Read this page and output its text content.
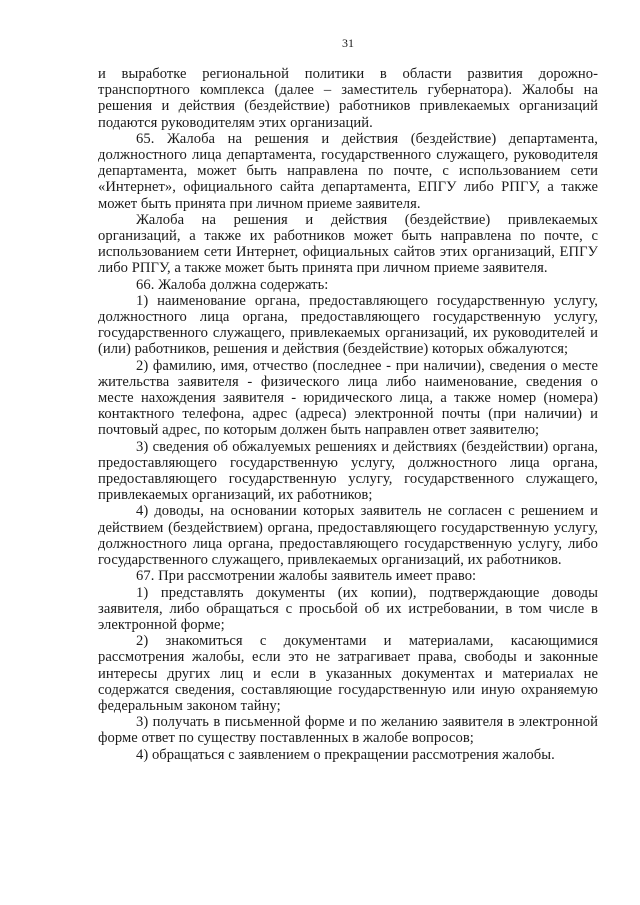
31

и выработке региональной политики в области развития дорожно-транспортного комплекса (далее – заместитель губернатора). Жалобы на решения и действия (бездействие) работников привлекаемых организаций подаются руководителям этих организаций.

65. Жалоба на решения и действия (бездействие) департамента, должностного лица департамента, государственного служащего, руководителя департамента, может быть направлена по почте, с использованием сети «Интернет», официального сайта департамента, ЕПГУ либо РПГУ, а также может быть принята при личном приеме заявителя.

Жалоба на решения и действия (бездействие) привлекаемых организаций, а также их работников может быть направлена по почте, с использованием сети Интернет, официальных сайтов этих организаций, ЕПГУ либо РПГУ, а также может быть принята при личном приеме заявителя.

66. Жалоба должна содержать:

1) наименование органа, предоставляющего государственную услугу, должностного лица органа, предоставляющего государственную услугу, государственного служащего, привлекаемых организаций, их руководителей и (или) работников, решения и действия (бездействие) которых обжалуются;

2) фамилию, имя, отчество (последнее - при наличии), сведения о месте жительства заявителя - физического лица либо наименование, сведения о месте нахождения заявителя - юридического лица, а также номер (номера) контактного телефона, адрес (адреса) электронной почты (при наличии) и почтовый адрес, по которым должен быть направлен ответ заявителю;

3) сведения об обжалуемых решениях и действиях (бездействии) органа, предоставляющего государственную услугу, должностного лица органа, предоставляющего государственную услугу, государственного служащего, привлекаемых организаций, их работников;

4) доводы, на основании которых заявитель не согласен с решением и действием (бездействием) органа, предоставляющего государственную услугу, должностного лица органа, предоставляющего государственную услугу, либо государственного служащего, привлекаемых организаций, их работников.

67. При рассмотрении жалобы заявитель имеет право:

1) представлять документы (их копии), подтверждающие доводы заявителя, либо обращаться с просьбой об их истребовании, в том числе в электронной форме;

2) знакомиться с документами и материалами, касающимися рассмотрения жалобы, если это не затрагивает права, свободы и законные интересы других лиц и если в указанных документах и материалах не содержатся сведения, составляющие государственную или иную охраняемую федеральным законом тайну;

3) получать в письменной форме и по желанию заявителя в электронной форме ответ по существу поставленных в жалобе вопросов;

4) обращаться с заявлением о прекращении рассмотрения жалобы.
